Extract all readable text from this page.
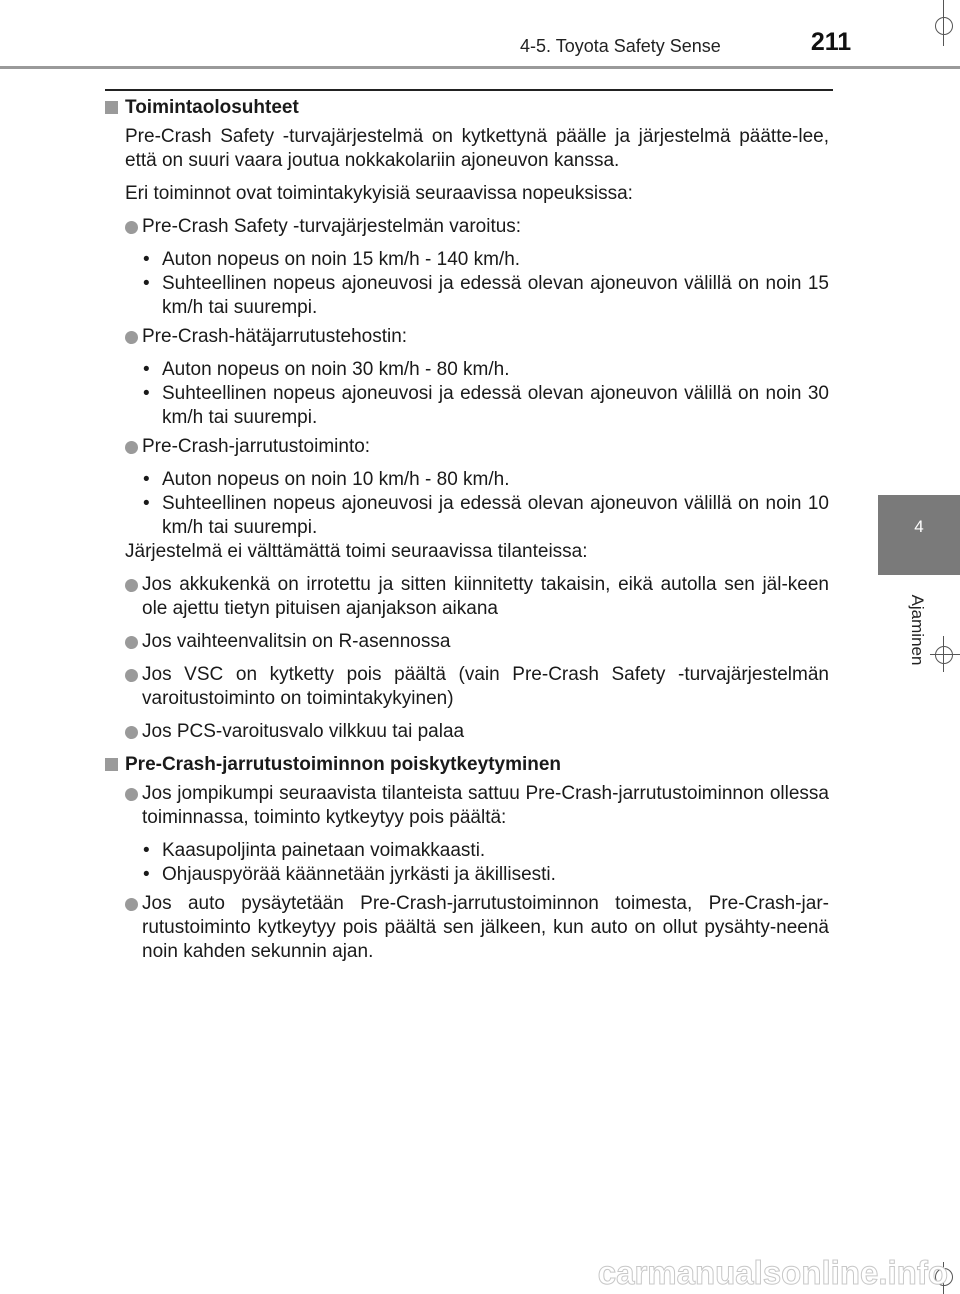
4-5. Toyota Safety Sense	211
4
Ajaminen

Toimintaolosuhteet

Pre-Crash Safety -turvajärjestelmä on kytkettynä päälle ja järjestelmä päätte-lee, että on suuri vaara joutua nokkakolariin ajoneuvon kanssa.

Eri toiminnot ovat toimintakykyisiä seuraavissa nopeuksissa:

Pre-Crash Safety -turvajärjestelmän varoitus:

• Auton nopeus on noin 15 km/h - 140 km/h.

• Suhteellinen nopeus ajoneuvosi ja edessä olevan ajoneuvon välillä on noin 15 km/h tai suurempi.

Pre-Crash-hätäjarrutustehostin:

• Auton nopeus on noin 30 km/h - 80 km/h.

• Suhteellinen nopeus ajoneuvosi ja edessä olevan ajoneuvon välillä on noin 30 km/h tai suurempi.

Pre-Crash-jarrutustoiminto:

• Auton nopeus on noin 10 km/h - 80 km/h.

• Suhteellinen nopeus ajoneuvosi ja edessä olevan ajoneuvon välillä on noin 10 km/h tai suurempi.

Järjestelmä ei välttämättä toimi seuraavissa tilanteissa:

Jos akkukenkä on irrotettu ja sitten kiinnitetty takaisin, eikä autolla sen jäl-keen ole ajettu tietyn pituisen ajanjakson aikana

Jos vaihteenvalitsin on R-asennossa

Jos VSC on kytketty pois päältä (vain Pre-Crash Safety -turvajärjestelmän varoitustoiminto on toimintakykyinen)

Jos PCS-varoitusvalo vilkkuu tai palaa

Pre-Crash-jarrutustoiminnon poiskytkeytyminen

Jos jompikumpi seuraavista tilanteista sattuu Pre-Crash-jarrutustoiminnon ollessa toiminnassa, toiminto kytkeytyy pois päältä:

• Kaasupoljinta painetaan voimakkaasti.

• Ohjauspyörää käännetään jyrkästi ja äkillisesti.

Jos auto pysäytetään Pre-Crash-jarrutustoiminnon toimesta, Pre-Crash-jar-rutustoiminto kytkeytyy pois päältä sen jälkeen, kun auto on ollut pysähty-neenä noin kahden sekunnin ajan.

carmanualsonline.info
